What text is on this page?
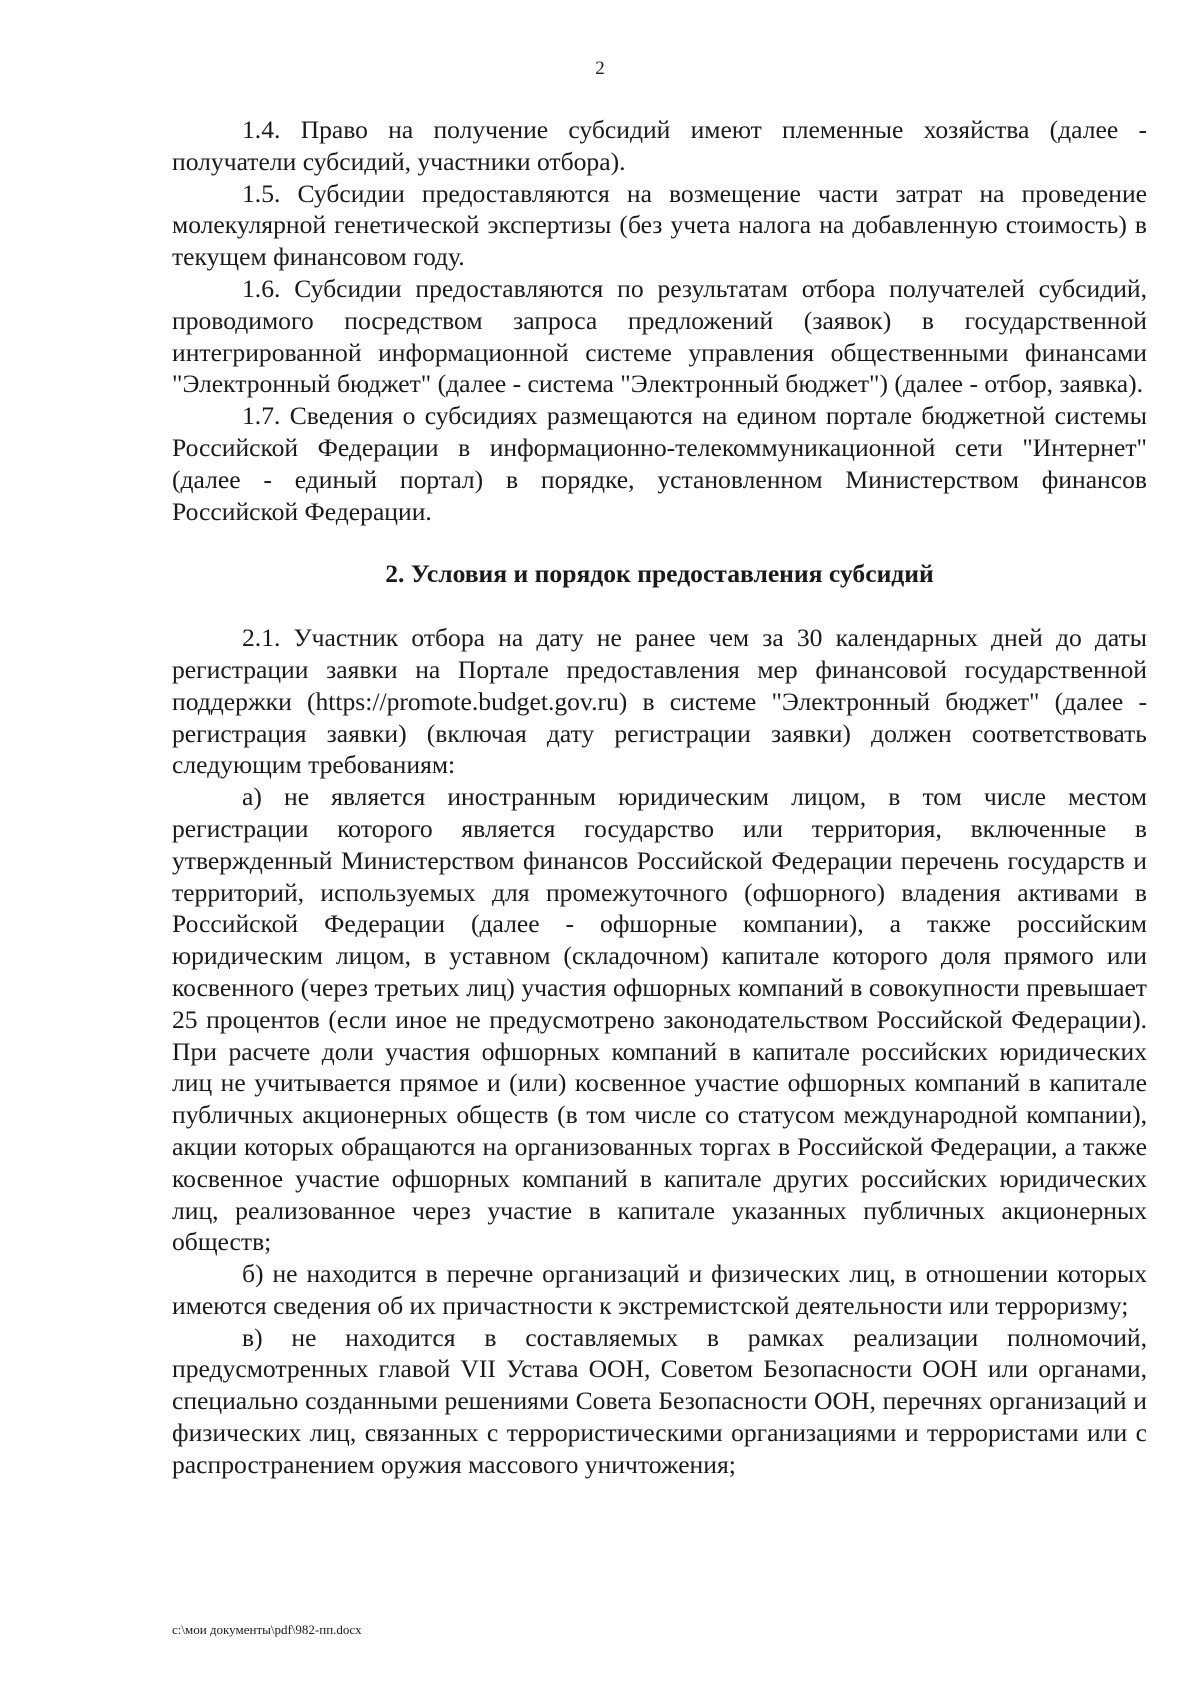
2

1.4. Право на получение субсидий имеют племенные хозяйства (далее - получатели субсидий, участники отбора).

1.5. Субсидии предоставляются на возмещение части затрат на проведение молекулярной генетической экспертизы (без учета налога на добавленную стоимость) в текущем финансовом году.

1.6. Субсидии предоставляются по результатам отбора получателей субсидий, проводимого посредством запроса предложений (заявок) в государственной интегрированной информационной системе управления общественными финансами "Электронный бюджет" (далее - система "Электронный бюджет") (далее - отбор, заявка).

1.7. Сведения о субсидиях размещаются на едином портале бюджетной системы Российской Федерации в информационно-телекоммуникационной сети "Интернет" (далее - единый портал) в порядке, установленном Министерством финансов Российской Федерации.

2. Условия и порядок предоставления субсидий

2.1. Участник отбора на дату не ранее чем за 30 календарных дней до даты регистрации заявки на Портале предоставления мер финансовой государственной поддержки (https://promote.budget.gov.ru) в системе "Электронный бюджет" (далее - регистрация заявки) (включая дату регистрации заявки) должен соответствовать следующим требованиям:

а) не является иностранным юридическим лицом, в том числе местом регистрации которого является государство или территория, включенные в утвержденный Министерством финансов Российской Федерации перечень государств и территорий, используемых для промежуточного (офшорного) владения активами в Российской Федерации (далее - офшорные компании), а также российским юридическим лицом, в уставном (складочном) капитале которого доля прямого или косвенного (через третьих лиц) участия офшорных компаний в совокупности превышает 25 процентов (если иное не предусмотрено законодательством Российской Федерации). При расчете доли участия офшорных компаний в капитале российских юридических лиц не учитывается прямое и (или) косвенное участие офшорных компаний в капитале публичных акционерных обществ (в том числе со статусом международной компании), акции которых обращаются на организованных торгах в Российской Федерации, а также косвенное участие офшорных компаний в капитале других российских юридических лиц, реализованное через участие в капитале указанных публичных акционерных обществ;

б) не находится в перечне организаций и физических лиц, в отношении которых имеются сведения об их причастности к экстремистской деятельности или терроризму;

в) не находится в составляемых в рамках реализации полномочий, предусмотренных главой VII Устава ООН, Советом Безопасности ООН или органами, специально созданными решениями Совета Безопасности ООН, перечнях организаций и физических лиц, связанных с террористическими организациями и террористами или с распространением оружия массового уничтожения;

c:\мои документы\pdf\982-пп.docx
